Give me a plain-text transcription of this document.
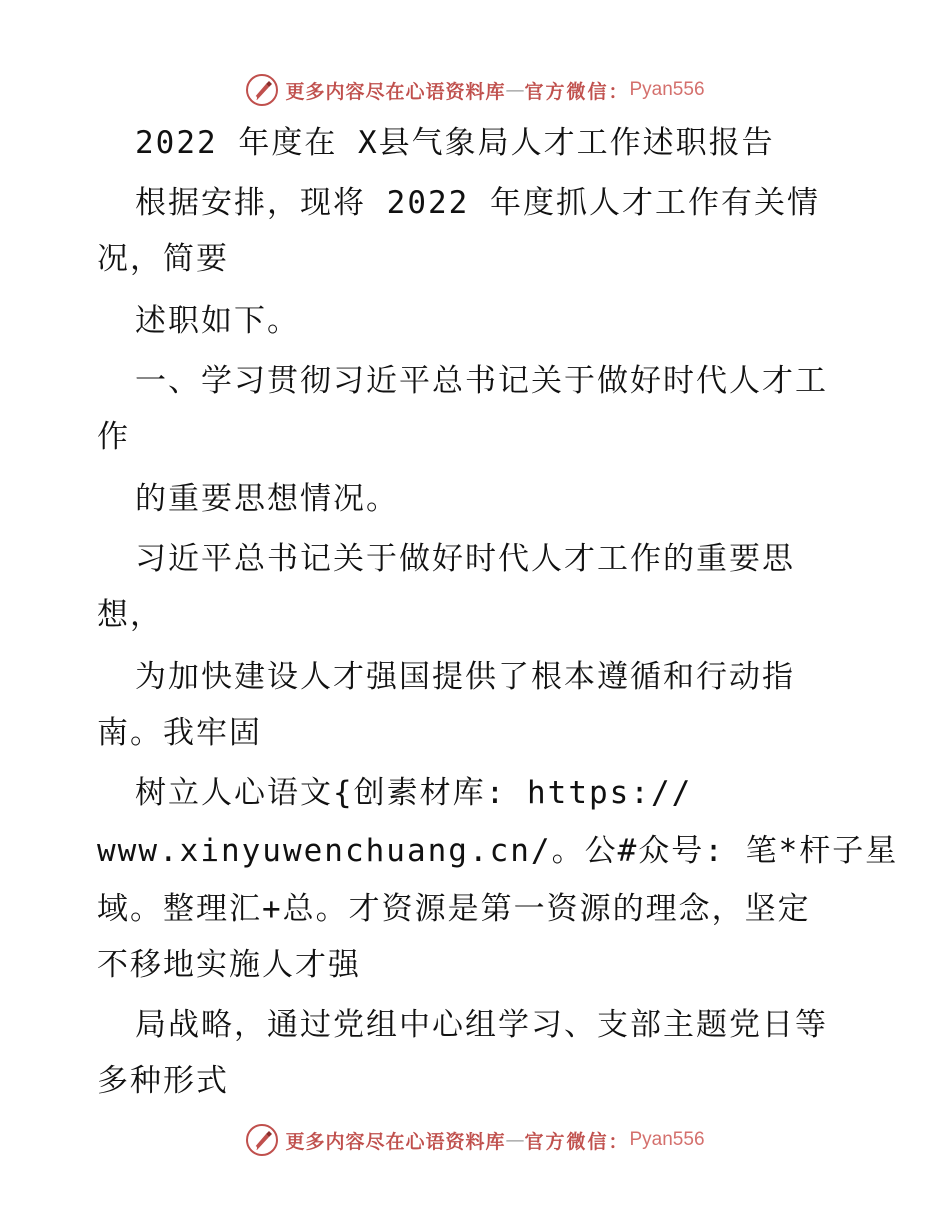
更多内容尽在心语资料库 — 官方微信： Pyan556
2022 年度在 X县气象局人才工作述职报告
根据安排，现将 2022 年度抓人才工作有关情
况，简要
述职如下。
一、学习贯彻习近平总书记关于做好时代人才工
作
的重要思想情况。
习近平总书记关于做好时代人才工作的重要思
想，
为加快建设人才强国提供了根本遵循和行动指
南。我牢固
树立人心语文{创素材库: https://
www.xinyuwenchuang.cn/。公#众号: 笔*杆子星
域。整理汇+总。才资源是第一资源的理念，坚定
不移地实施人才强
局战略，通过党组中心组学习、支部主题党日等
多种形式
更多内容尽在心语资料库 — 官方微信： Pyan556
